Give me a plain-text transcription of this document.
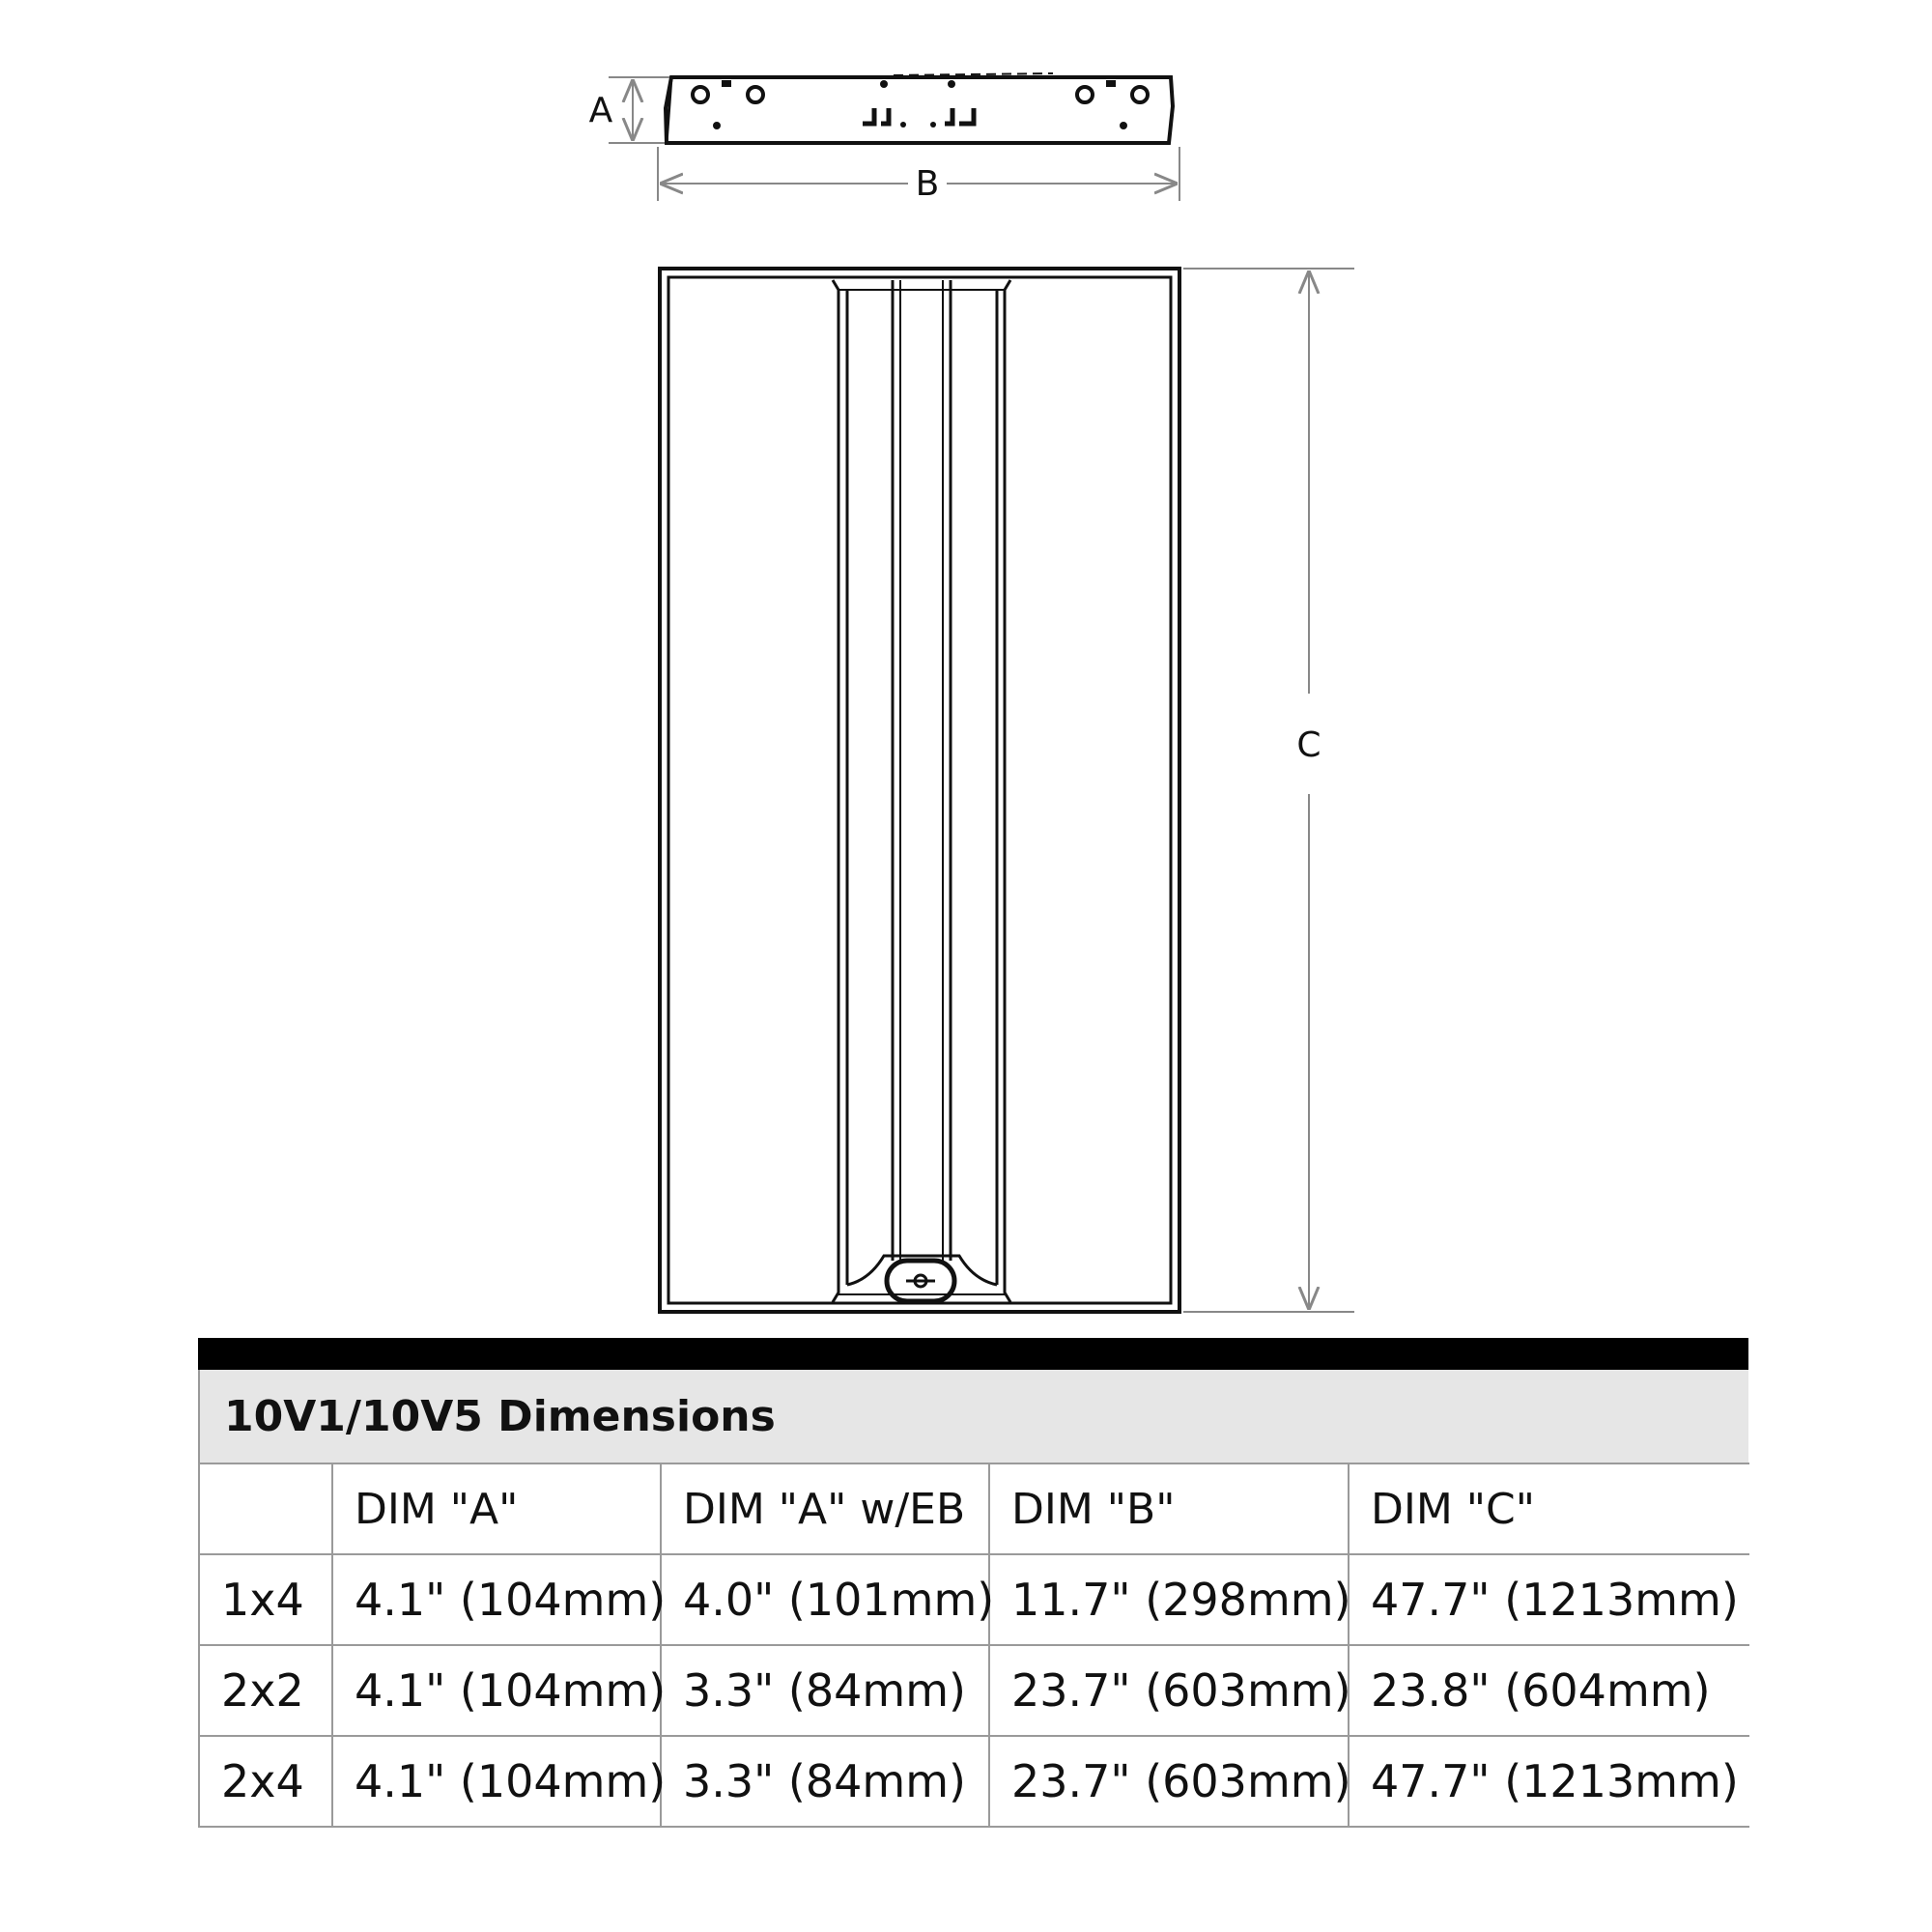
A
B
C
10V1/10V5 Dimensions
	DIM "A"	DIM "A" w/EB	DIM "B"	DIM "C"
1x4	4.1" (104mm)	4.0" (101mm)	11.7" (298mm)	47.7" (1213mm)
2x2	4.1" (104mm)	3.3" (84mm)	23.7" (603mm)	23.8" (604mm)
2x4	4.1" (104mm)	3.3" (84mm)	23.7" (603mm)	47.7" (1213mm)
